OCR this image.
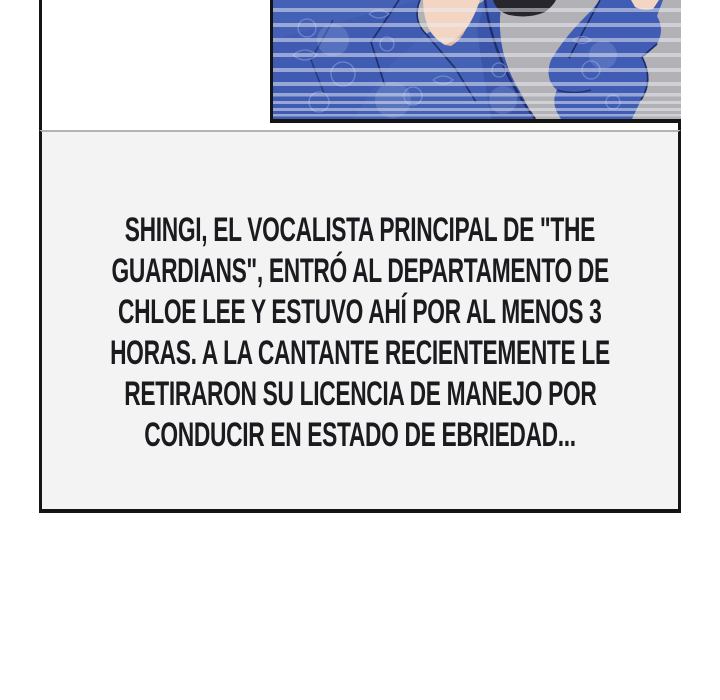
SHINGI, EL VOCALISTA PRINCIPAL DE "THE
GUARDIANS", ENTRÓ AL DEPARTAMENTO DE
CHLOE LEE Y ESTUVO AHÍ POR AL MENOS 3
HORAS. A LA CANTANTE RECIENTEMENTE LE
RETIRARON SU LICENCIA DE MANEJO POR
CONDUCIR EN ESTADO DE EBRIEDAD...
